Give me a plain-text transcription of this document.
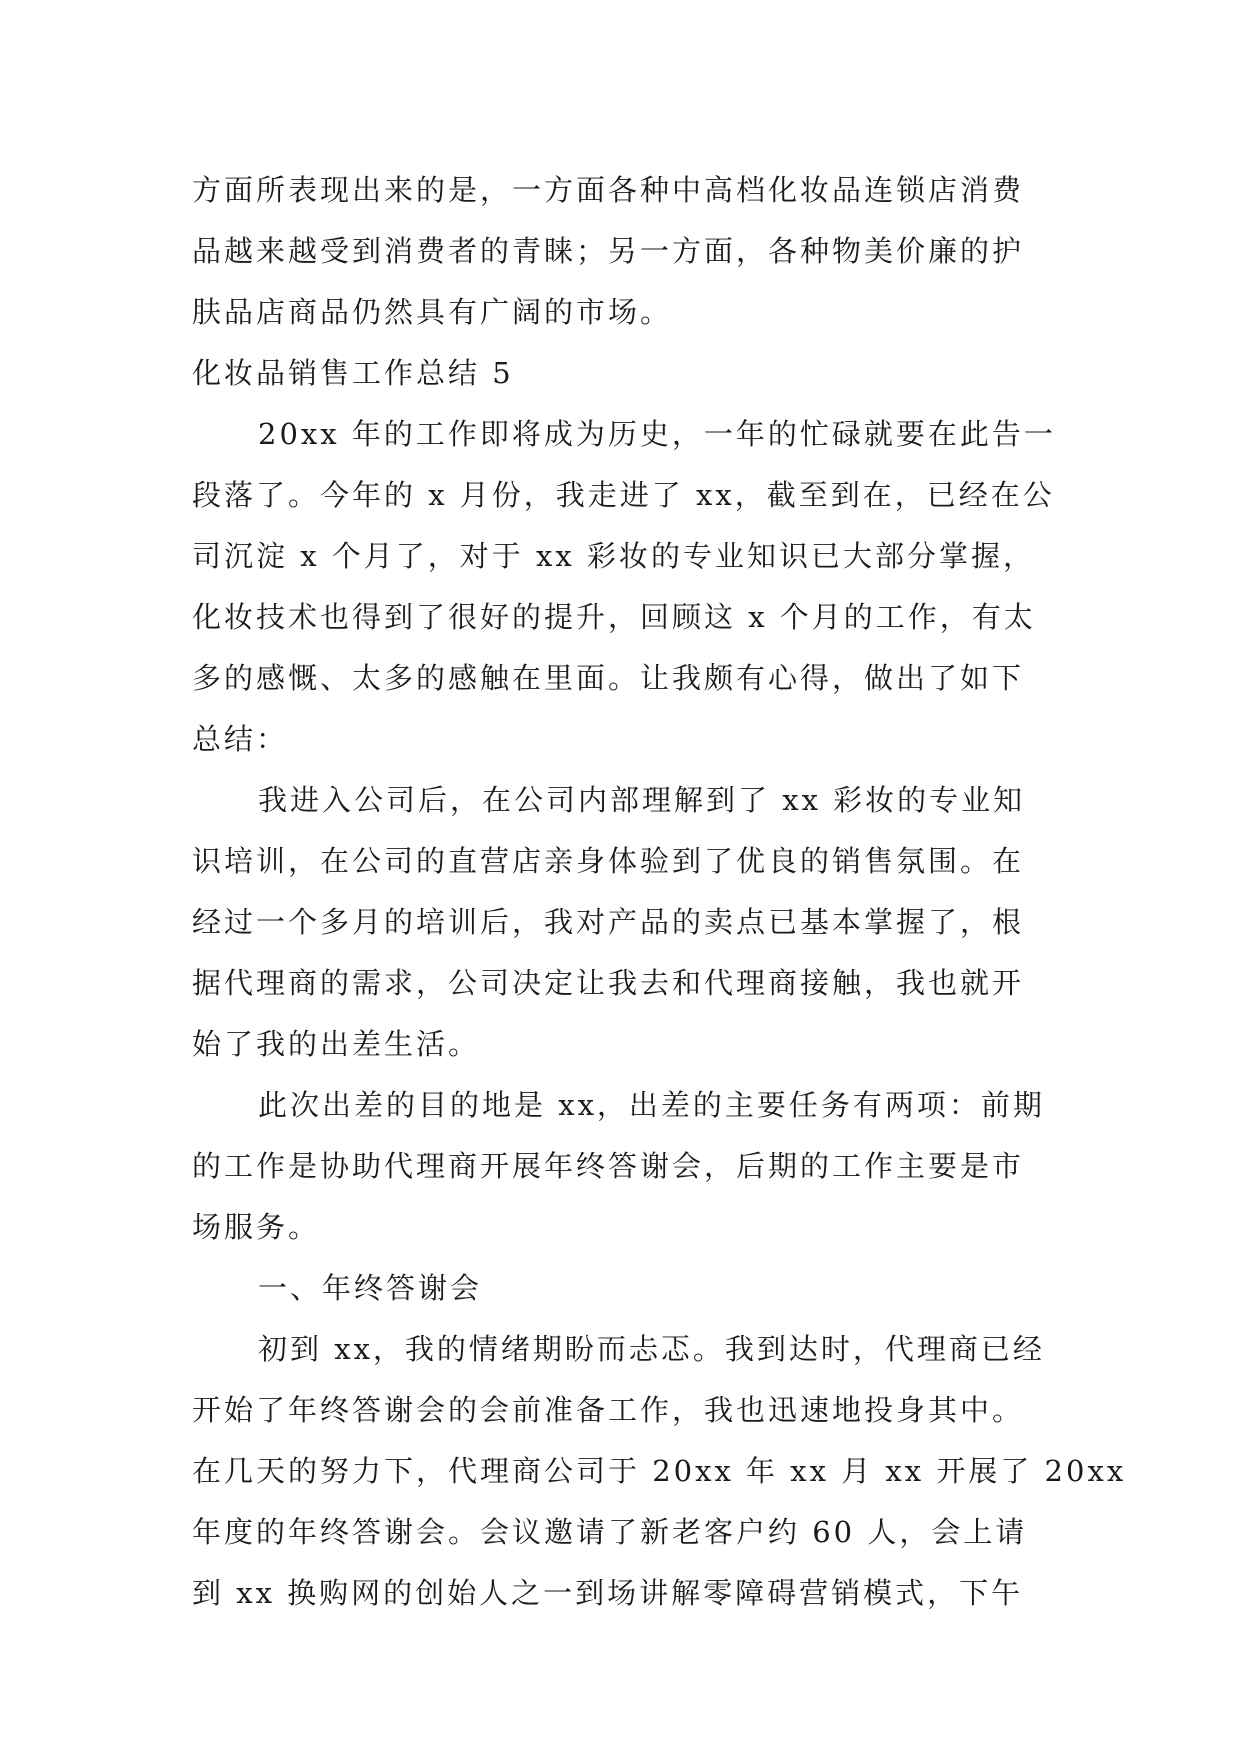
方面所表现出来的是，一方面各种中高档化妆品连锁店消费
品越来越受到消费者的青睐；另一方面，各种物美价廉的护
肤品店商品仍然具有广阔的市场。
化妆品销售工作总结 5
20xx 年的工作即将成为历史，一年的忙碌就要在此告一
段落了。今年的 x 月份，我走进了 xx，截至到在，已经在公
司沉淀 x 个月了，对于 xx 彩妆的专业知识已大部分掌握，
化妆技术也得到了很好的提升，回顾这 x 个月的工作，有太
多的感慨、太多的感触在里面。让我颇有心得，做出了如下
总结：
我进入公司后，在公司内部理解到了 xx 彩妆的专业知
识培训，在公司的直营店亲身体验到了优良的销售氛围。在
经过一个多月的培训后，我对产品的卖点已基本掌握了，根
据代理商的需求，公司决定让我去和代理商接触，我也就开
始了我的出差生活。
此次出差的目的地是 xx，出差的主要任务有两项：前期
的工作是协助代理商开展年终答谢会，后期的工作主要是市
场服务。
一、年终答谢会
初到 xx，我的情绪期盼而忐忑。我到达时，代理商已经
开始了年终答谢会的会前准备工作，我也迅速地投身其中。
在几天的努力下，代理商公司于 20xx 年 xx 月 xx 开展了 20xx
年度的年终答谢会。会议邀请了新老客户约 60 人，会上请
到 xx 换购网的创始人之一到场讲解零障碍营销模式，下午
